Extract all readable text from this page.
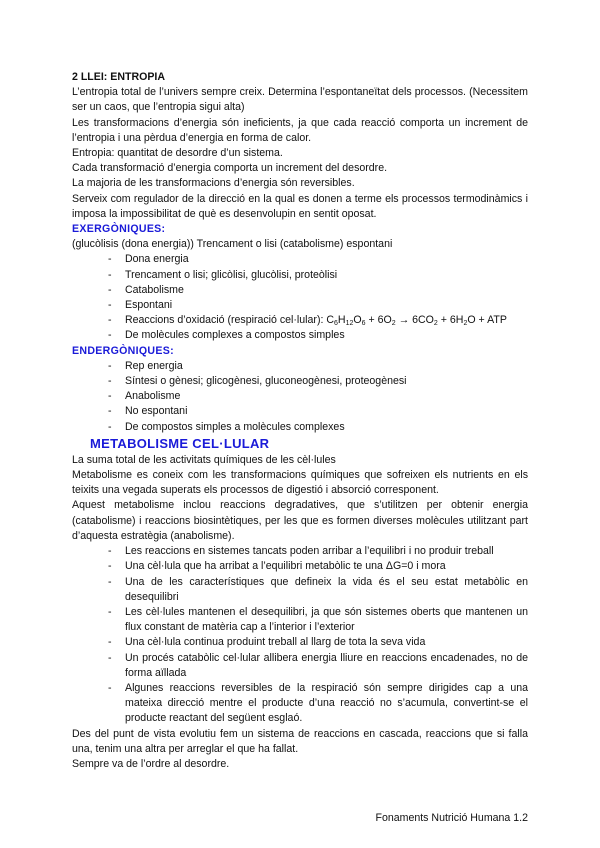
2 LLEI: ENTROPIA

L’entropia total de l’univers sempre creix. Determina l’espontaneïtat dels processos. (Necessitem ser un caos, que l’entropia sigui alta)

Les transformacions d’energia són ineficients, ja que cada reacció comporta un increment de l’entropia i una pèrdua d’energia en forma de calor.

Entropia: quantitat de desordre d’un sistema.

Cada transformació d’energia comporta un increment del desordre.

La majoria de les transformacions d’energia són reversibles.

Serveix com regulador de la direcció en la qual es donen a terme els processos termodinàmics i imposa la impossibilitat de què es desenvolupin en sentit oposat.

EXERGÒNIQUES:

(glucòlisis (dona energia)) Trencament o lisi (catabolisme) espontani

- Dona energia
- Trencament o lisi; glicòlisi, glucòlisi, proteòlisi
- Catabolisme
- Espontani
- Reaccions d’oxidació (respiració cel·lular): $C_6H_{12}O_6 + 6O_2 \to 6CO_2 + 6H_2O$ + ATP
- De molècules complexes a compostos simples

ENDERGÒNIQUES:

- Rep energia
- Síntesi o gènesi; glicogènesi, gluconeogènesi, proteogènesi
- Anabolisme
- No espontani
- De compostos simples a molècules complexes

METABOLISME CEL·LULAR

La suma total de les activitats químiques de les cèl·lules

Metabolisme es coneix com les transformacions químiques que sofreixen els nutrients en els teixits una vegada superats els processos de digestió i absorció corresponent.

Aquest metabolisme inclou reaccions degradatives, que s’utilitzen per obtenir energia (catabolisme) i reaccions biosintètiques, per les que es formen diverses molècules utilitzant part d’aquesta estratègia (anabolisme).

- Les reaccions en sistemes tancats poden arribar a l’equilibri i no produir treball
- Una cèl·lula que ha arribat a l’equilibri metabòlic te una ΔG=0 i mora
- Una de les característiques que defineix la vida és el seu estat metabòlic en desequilibri
- Les cèl·lules mantenen el desequilibri, ja que són sistemes oberts que mantenen un flux constant de matèria cap a l’interior i l’exterior
- Una cèl·lula continua produint treball al llarg de tota la seva vida
- Un procés catabòlic cel·lular allibera energia lliure en reaccions encadenades, no de forma aïllada
- Algunes reaccions reversibles de la respiració són sempre dirigides cap a una mateixa direcció mentre el producte d’una reacció no s’acumula, convertint-se el producte reactant del següent esglaó.

Des del punt de vista evolutiu fem un sistema de reaccions en cascada, reaccions que si falla una, tenim una altra per arreglar el que ha fallat.

Sempre va de l’ordre al desordre.

Fonaments Nutrició Humana 1.2
